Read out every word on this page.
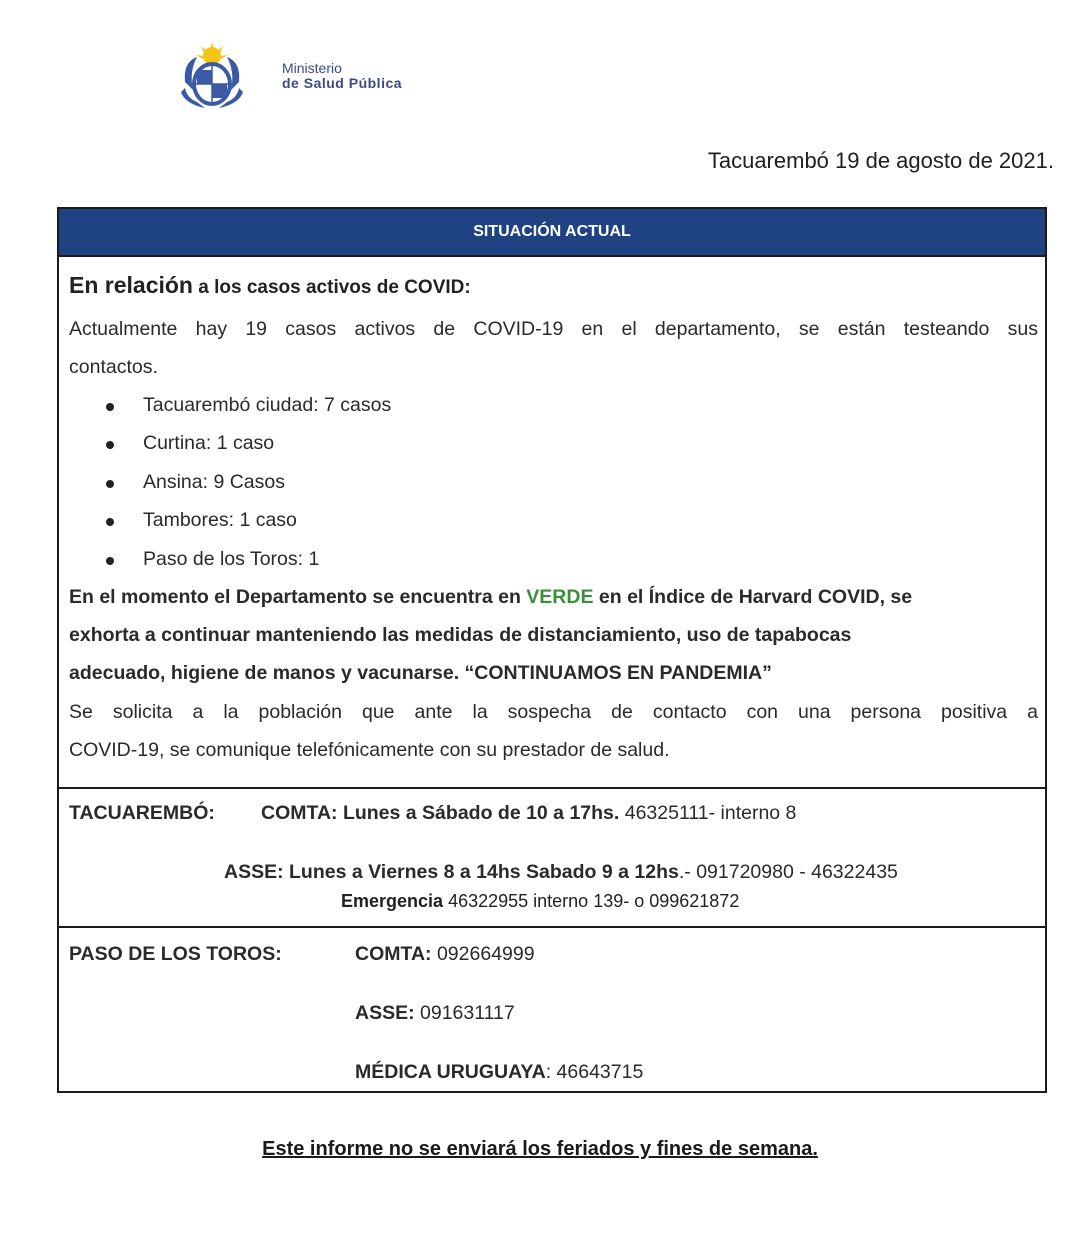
Ministerio
de Salud Pública
Tacuarembó 19 de agosto de 2021.
SITUACIÓN ACTUAL
En relación a los casos activos de COVID:
Actualmente hay 19 casos activos de COVID-19 en el departamento, se están testeando sus
contactos.
Tacuarembó ciudad: 7 casos
Curtina: 1 caso
Ansina: 9 Casos
Tambores: 1 caso
Paso de los Toros: 1
En el momento el Departamento se encuentra en VERDE en el Índice de Harvard COVID, se
exhorta a continuar manteniendo las medidas de distanciamiento, uso de tapabocas
adecuado, higiene de manos y vacunarse. “CONTINUAMOS EN PANDEMIA”
Se solicita a la población que ante la sospecha de contacto con una persona positiva a
COVID-19, se comunique telefónicamente con su prestador de salud.
TACUAREMBÓ: COMTA: Lunes a Sábado de 10 a 17hs. 46325111- interno 8
ASSE: Lunes a Viernes 8 a 14hs Sabado 9 a 12hs.- 091720980 - 46322435
Emergencia 46322955 interno 139- o 099621872
PASO DE LOS TOROS:	COMTA: 092664999
ASSE: 091631117
MÉDICA URUGUAYA: 46643715
Este informe no se enviará los feriados y fines de semana.
